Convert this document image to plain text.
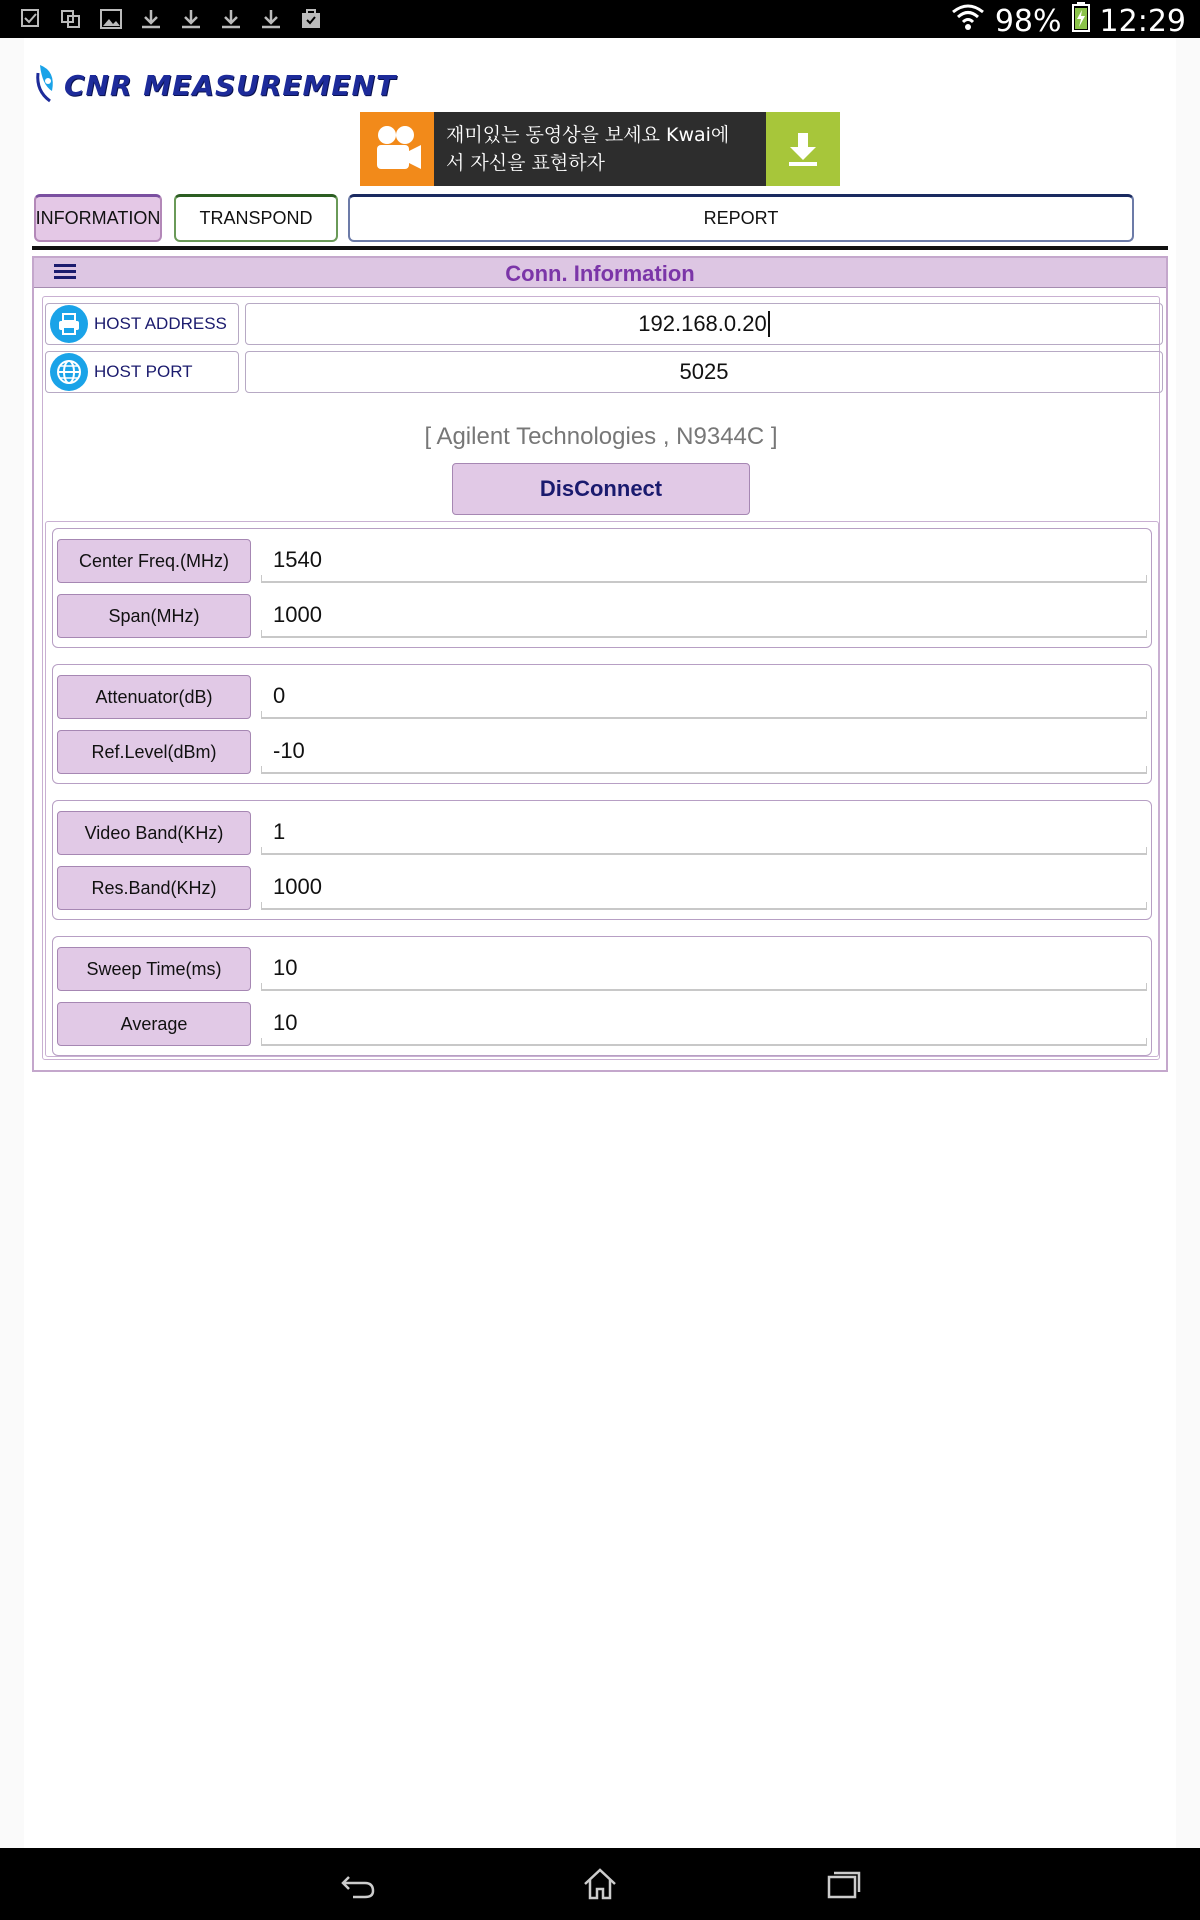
98% 12:29
CNR MEASUREMENT
재미있는 동영상을 보세요 Kwai에
서 자신을 표현하자
INFORMATION	TRANSPOND	REPORT
Conn. Information
HOST ADDRESS	192.168.0.20
HOST PORT	5025
[ Agilent Technologies , N9344C ]
DisConnect
Center Freq.(MHz)	1540
Span(MHz)	1000
Attenuator(dB)	0
Ref.Level(dBm)	-10
Video Band(KHz)	1
Res.Band(KHz)	1000
Sweep Time(ms)	10
Average	10
